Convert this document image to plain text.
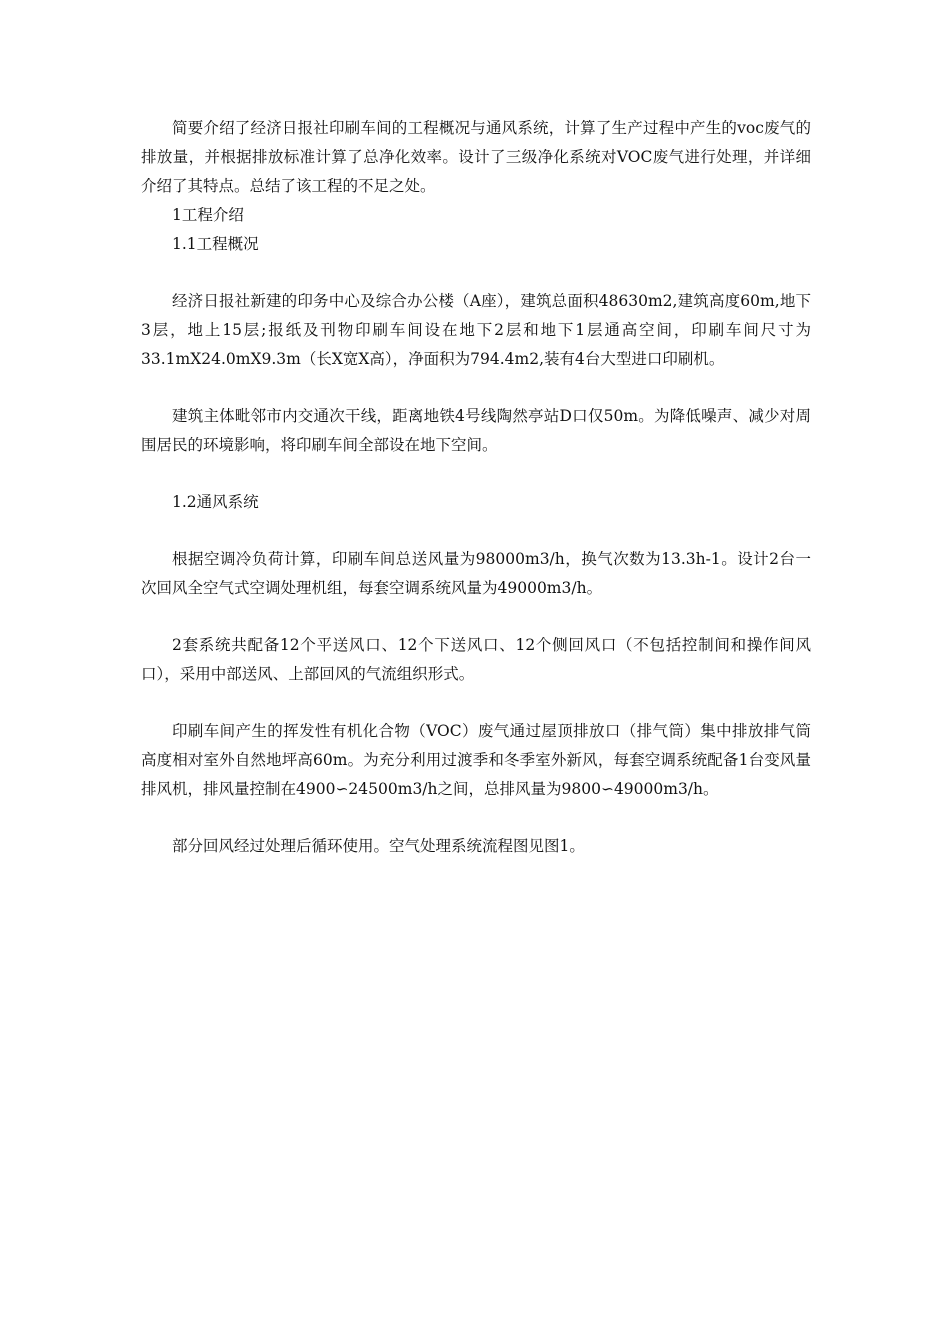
简要介绍了经济日报社印刷车间的工程概况与通风系统，计算了生产过程中产生的voc废气的排放量，并根据排放标准计算了总净化效率。设计了三级净化系统对VOC废气进行处理，并详细介绍了其特点。总结了该工程的不足之处。

1工程介绍

1.1工程概况

经济日报社新建的印务中心及综合办公楼（A座），建筑总面积48630m2,建筑高度60m,地下3层，地上15层;报纸及刊物印刷车间设在地下2层和地下1层通高空间，印刷车间尺寸为33.1mX24.0mX9.3m（长X宽X高），净面积为794.4m2,装有4台大型进口印刷机。

建筑主体毗邻市内交通次干线，距离地铁4号线陶然亭站D口仅50m。为降低噪声、减少对周围居民的环境影响，将印刷车间全部设在地下空间。

1.2通风系统

根据空调冷负荷计算，印刷车间总送风量为98000m3/h，换气次数为13.3h-1。设计2台一次回风全空气式空调处理机组，每套空调系统风量为49000m3/h。

2套系统共配备12个平送风口、12个下送风口、12个侧回风口（不包括控制间和操作间风口），采用中部送风、上部回风的气流组织形式。

印刷车间产生的挥发性有机化合物（VOC）废气通过屋顶排放口（排气筒）集中排放排气筒高度相对室外自然地坪高60m。为充分利用过渡季和冬季室外新风，每套空调系统配备1台变风量排风机，排风量控制在4900∽24500m3/h之间，总排风量为9800∽49000m3/h。

部分回风经过处理后循环使用。空气处理系统流程图见图1。
